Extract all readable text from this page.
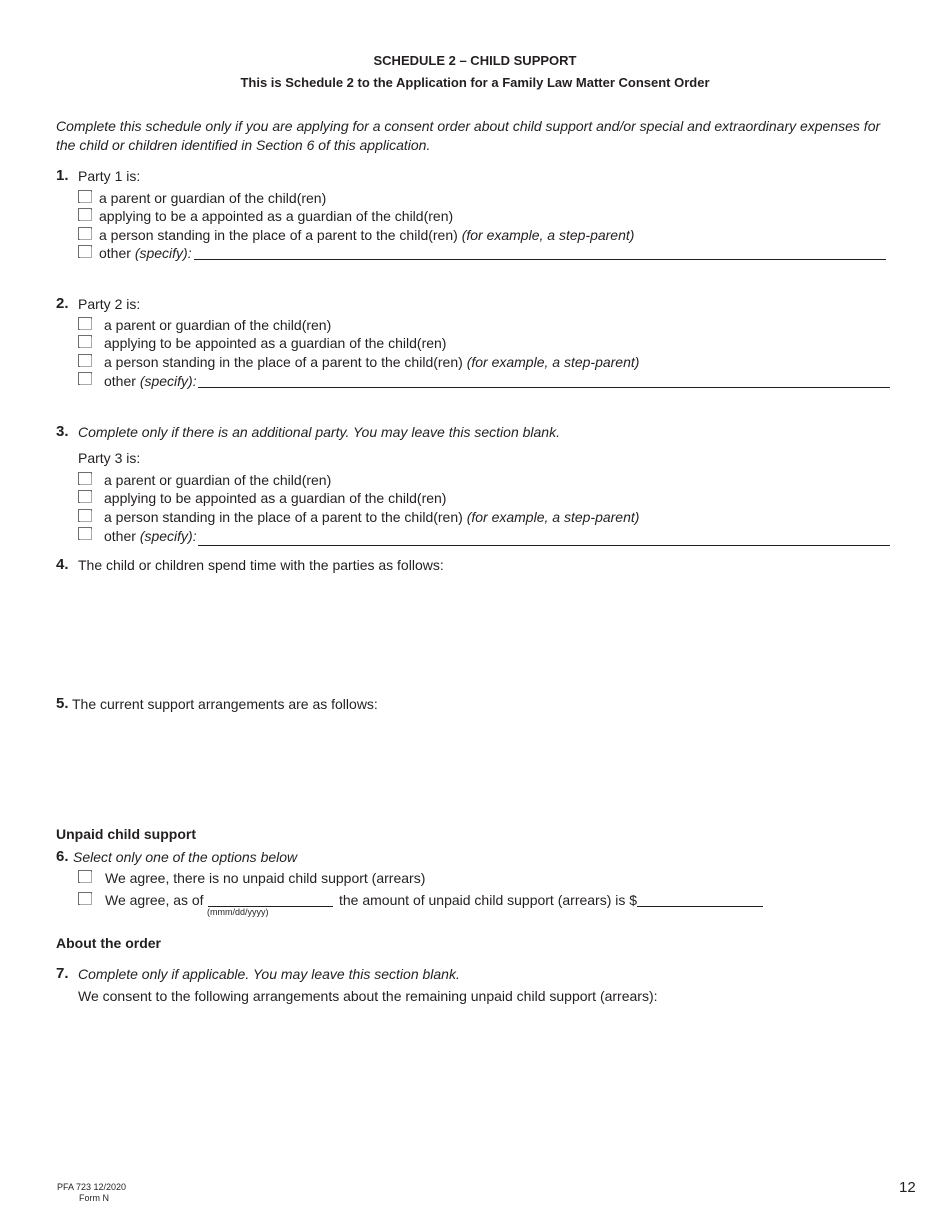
SCHEDULE 2 – CHILD SUPPORT
This is Schedule 2 to the Application for a Family Law Matter Consent Order
Complete this schedule only if you are applying for a consent order about child support and/or special and extraordinary expenses for the child or children identified in Section 6 of this application.
1. Party 1 is:
a parent or guardian of the child(ren)
applying to be a appointed as a guardian of the child(ren)
a person standing in the place of a parent to the child(ren) (for example, a step-parent)
other (specify):
2. Party 2 is:
a parent or guardian of the child(ren)
applying to be appointed as a guardian of the child(ren)
a person standing in the place of a parent to the child(ren) (for example, a step-parent)
other (specify):
3. Complete only if there is an additional party. You may leave this section blank.
Party 3 is:
a parent or guardian of the child(ren)
applying to be appointed as a guardian of the child(ren)
a person standing in the place of a parent to the child(ren) (for example, a step-parent)
other (specify):
4. The child or children spend time with the parties as follows:
5. The current support arrangements are as follows:
Unpaid child support
6. Select only one of the options below
We agree, there is no unpaid child support (arrears)
We agree, as of
(mmm/dd/yyyy)
the amount of unpaid child support (arrears) is $
About the order
7. Complete only if applicable. You may leave this section blank.
We consent to the following arrangements about the remaining unpaid child support (arrears):
PFA 723 12/2020
Form N
12
